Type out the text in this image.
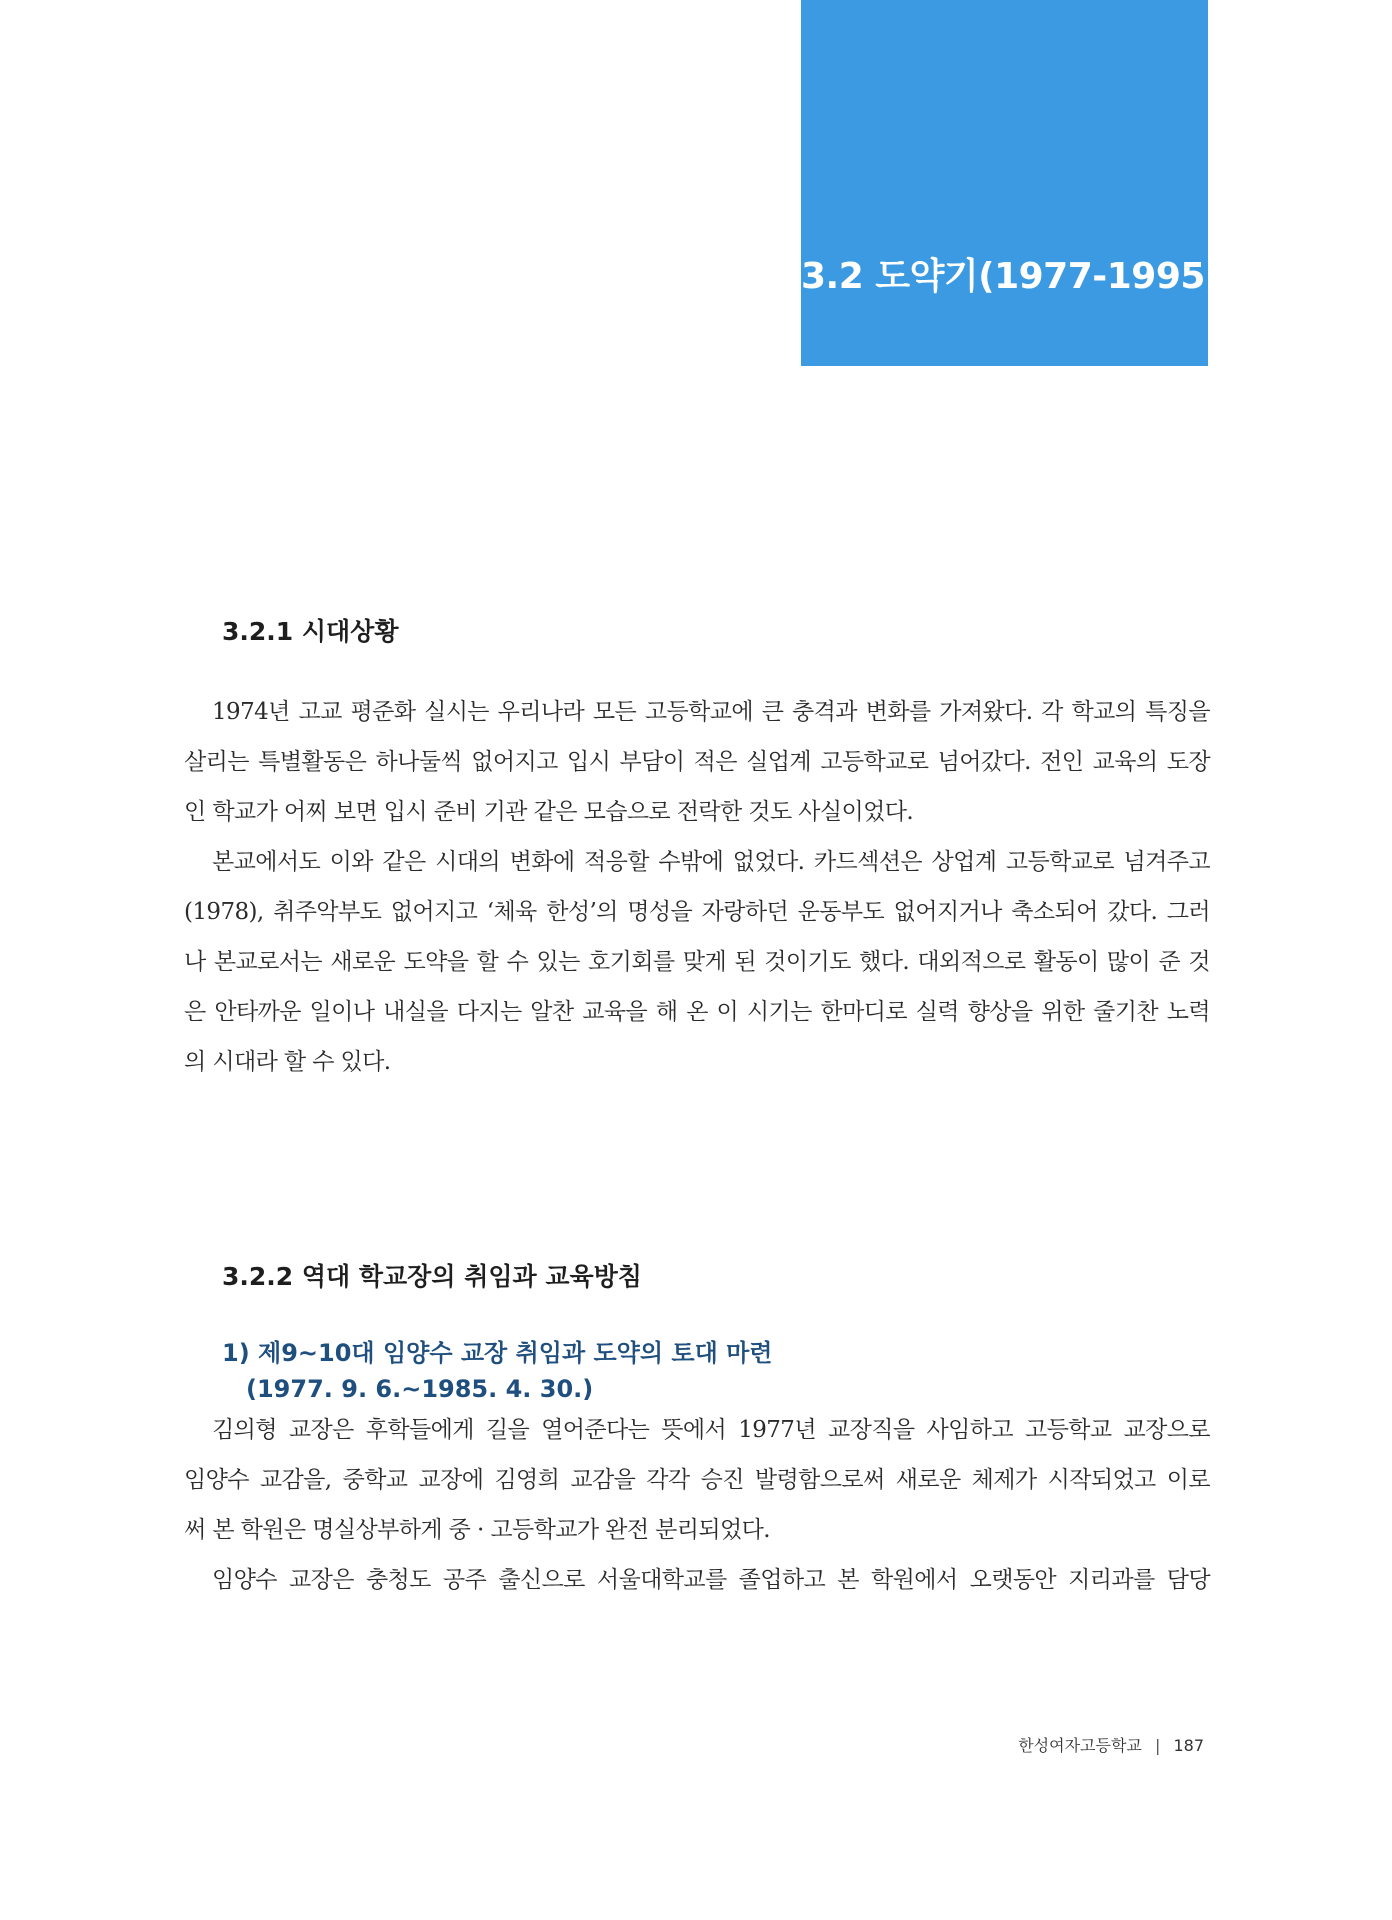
3.2 도약기(1977-1995)
3.2.1 시대상황
1974년 고교 평준화 실시는 우리나라 모든 고등학교에 큰 충격과 변화를 가져왔다. 각 학교의 특징을
살리는 특별활동은 하나둘씩 없어지고 입시 부담이 적은 실업계 고등학교로 넘어갔다. 전인 교육의 도장
인 학교가 어찌 보면 입시 준비 기관 같은 모습으로 전락한 것도 사실이었다.
본교에서도 이와 같은 시대의 변화에 적응할 수밖에 없었다. 카드섹션은 상업계 고등학교로 넘겨주고
(1978), 취주악부도 없어지고 ‘체육 한성’의 명성을 자랑하던 운동부도 없어지거나 축소되어 갔다. 그러
나 본교로서는 새로운 도약을 할 수 있는 호기회를 맞게 된 것이기도 했다. 대외적으로 활동이 많이 준 것
은 안타까운 일이나 내실을 다지는 알찬 교육을 해 온 이 시기는 한마디로 실력 향상을 위한 줄기찬 노력
의 시대라 할 수 있다.
3.2.2 역대 학교장의 취임과 교육방침
1) 제9~10대 임양수 교장 취임과 도약의 토대 마련
(1977. 9. 6.~1985. 4. 30.)
김의형 교장은 후학들에게 길을 열어준다는 뜻에서 1977년 교장직을 사임하고 고등학교 교장으로
임양수 교감을, 중학교 교장에 김영희 교감을 각각 승진 발령함으로써 새로운 체제가 시작되었고 이로
써 본 학원은 명실상부하게 중 · 고등학교가 완전 분리되었다.
임양수 교장은 충청도 공주 출신으로 서울대학교를 졸업하고 본 학원에서 오랫동안 지리과를 담당
한성여자고등학교 | 187
